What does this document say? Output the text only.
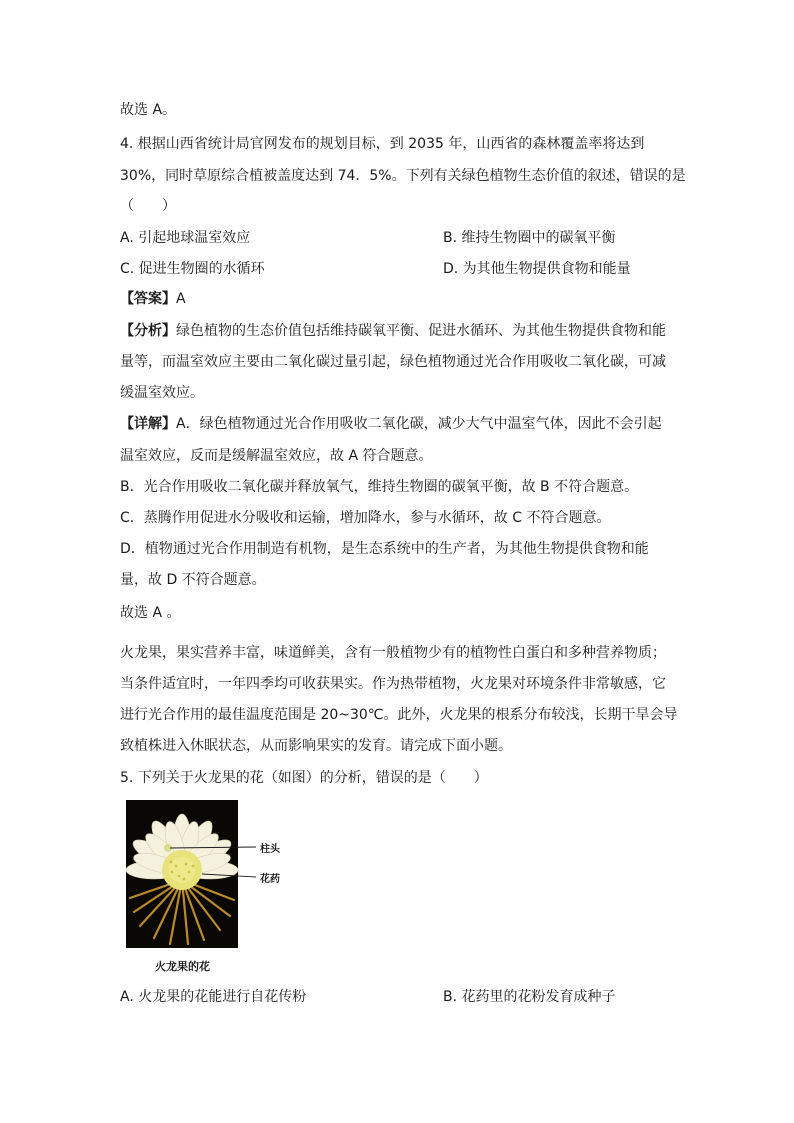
故选 A。
4. 根据山西省统计局官网发布的规划目标，到 2035 年，山西省的森林覆盖率将达到
30%，同时草原综合植被盖度达到 74．5%。下列有关绿色植物生态价值的叙述，错误的是
（　　）
A. 引起地球温室效应	B. 维持生物圈中的碳氧平衡
C. 促进生物圈的水循环	D. 为其他生物提供食物和能量
【答案】A
【分析】绿色植物的生态价值包括维持碳氧平衡、促进水循环、为其他生物提供食物和能
量等，而温室效应主要由二氧化碳过量引起，绿色植物通过光合作用吸收二氧化碳，可减
缓温室效应。
【详解】A．绿色植物通过光合作用吸收二氧化碳，减少大气中温室气体，因此不会引起
温室效应，反而是缓解温室效应，故 A 符合题意。
B．光合作用吸收二氧化碳并释放氧气，维持生物圈的碳氧平衡，故 B 不符合题意。
C．蒸腾作用促进水分吸收和运输，增加降水，参与水循环，故 C 不符合题意。
D．植物通过光合作用制造有机物，是生态系统中的生产者，为其他生物提供食物和能
量，故 D 不符合题意。
故选 A 。
火龙果，果实营养丰富，味道鲜美，含有一般植物少有的植物性白蛋白和多种营养物质；
当条件适宜时，一年四季均可收获果实。作为热带植物，火龙果对环境条件非常敏感，它
进行光合作用的最佳温度范围是 20~30℃。此外，火龙果的根系分布较浅，长期干旱会导
致植株进入休眠状态，从而影响果实的发育。请完成下面小题。
5. 下列关于火龙果的花（如图）的分析，错误的是（　　）
柱头
花药
火龙果的花
A. 火龙果的花能进行自花传粉	B. 花药里的花粉发育成种子
